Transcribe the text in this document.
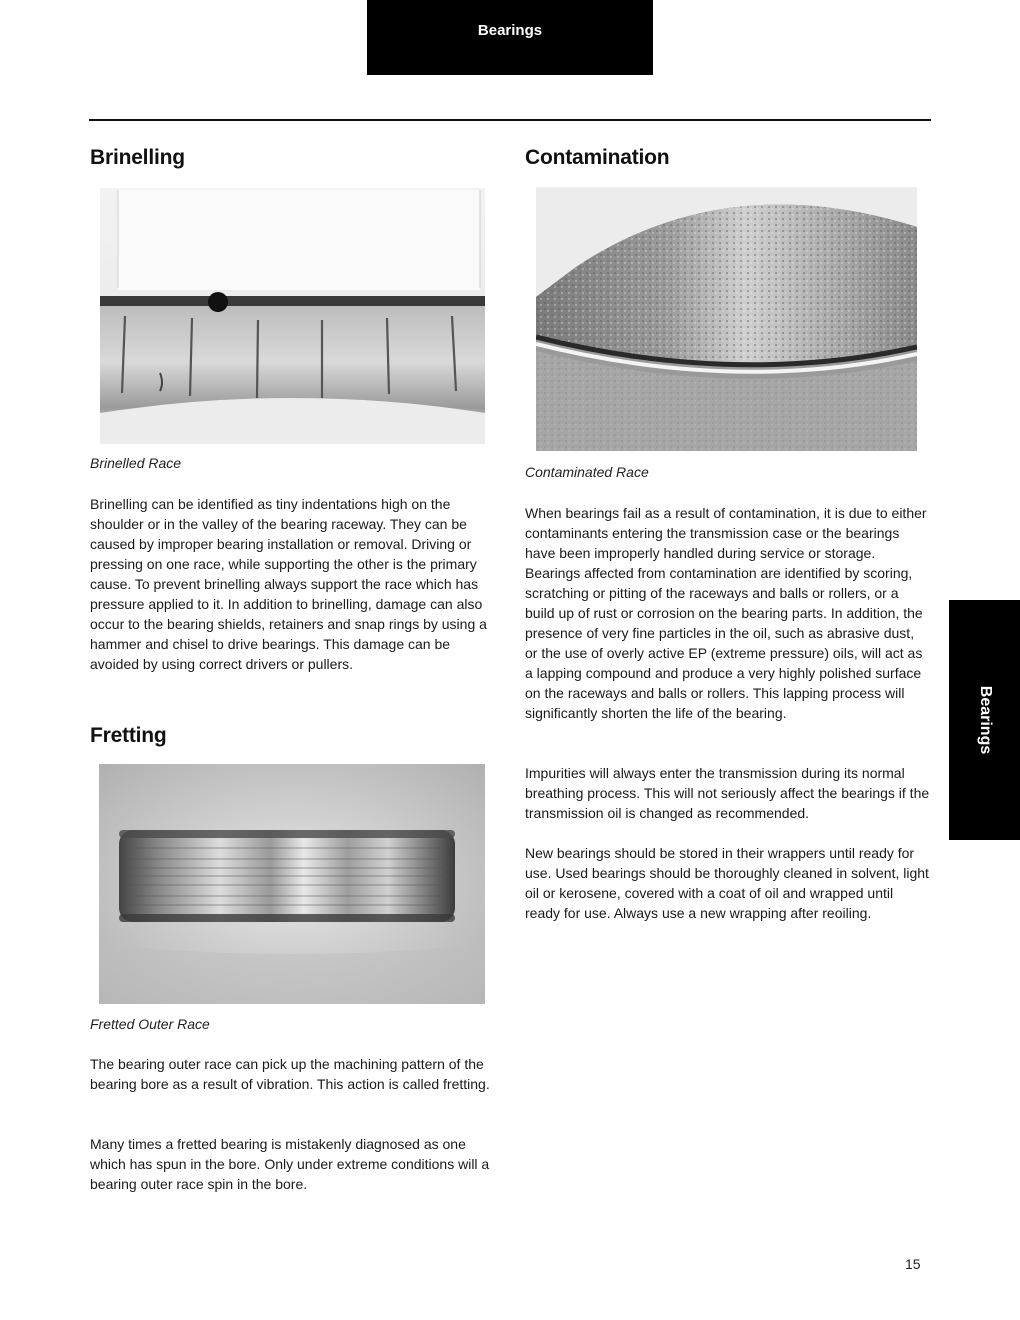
Bearings
Brinelling

Brinelled Race

Brinelling can be identified as tiny indentations high on the shoulder or in the valley of the bearing raceway. They can be caused by improper bearing installation or removal. Driving or pressing on one race, while supporting the other is the primary cause. To prevent brinelling always support the race which has pressure applied to it. In addition to brinelling, damage can also occur to the bearing shields, retainers and snap rings by using a hammer and chisel to drive bearings. This damage can be avoided by using correct drivers or pullers.

Fretting

Fretted Outer Race

The bearing outer race can pick up the machining pattern of the bearing bore as a result of vibration. This action is called fretting.

Many times a fretted bearing is mistakenly diagnosed as one which has spun in the bore. Only under extreme conditions will a bearing outer race spin in the bore.

Contamination

Contaminated Race

When bearings fail as a result of contamination, it is due to either contaminants entering the transmission case or the bearings have been improperly handled during service or storage. Bearings affected from contamination are identified by scoring, scratching or pitting of the raceways and balls or rollers, or a build up of rust or corrosion on the bearing parts. In addition, the presence of very fine particles in the oil, such as abrasive dust, or the use of overly active EP (extreme pressure) oils, will act as a lapping compound and produce a very highly polished surface on the raceways and balls or rollers. This lapping process will significantly shorten the life of the bearing.

Impurities will always enter the transmission during its normal breathing process. This will not seriously affect the bearings if the transmission oil is changed as recommended.

New bearings should be stored in their wrappers until ready for use. Used bearings should be thoroughly cleaned in solvent, light oil or kerosene, covered with a coat of oil and wrapped until ready for use. Always use a new wrapping after reoiling.

Bearings
15
